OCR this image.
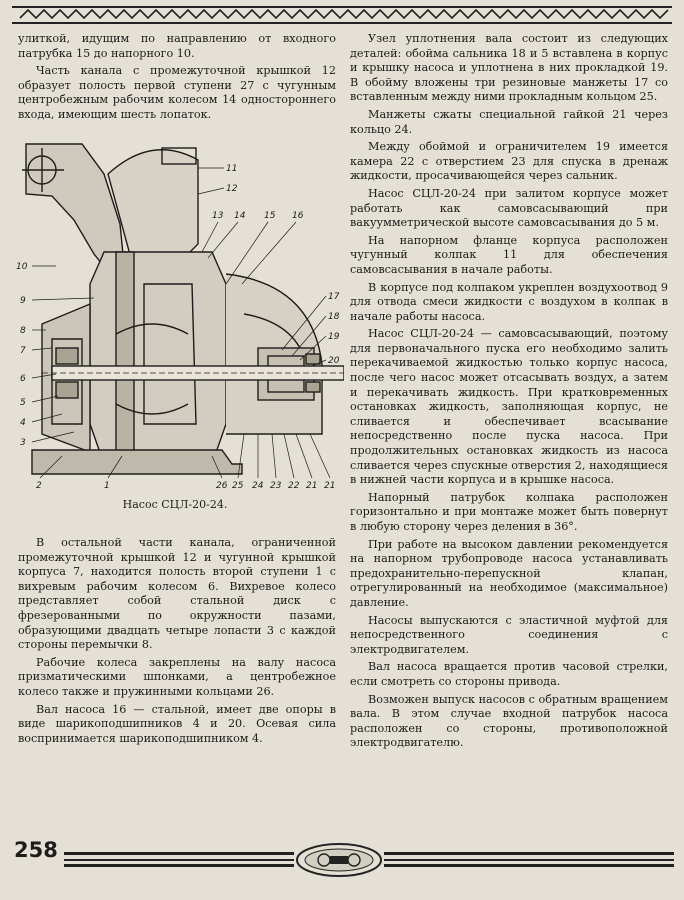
улиткой, идущим по направлению от входного патрубка 15 до напорного 10.

Часть канала с промежуточной крышкой 12 образует полость первой ступени 27 с чугунным центробежным рабочим колесом 14 одностороннего входа, имеющим шесть лопаток.

11
12
13 14 15 16
17
18
19
20
10
9
8
7
6
5
4
3
2	1	26 25 24 23 22 21 21
Насос СЦЛ-20-24.

В остальной части канала, ограниченной промежуточной крышкой 12 и чугунной крышкой корпуса 7, находится полость второй ступени 1 с вихревым рабочим колесом 6. Вихревое колесо представляет собой стальной диск с фрезерованными по окружности пазами, образующими двадцать четыре лопасти 3 с каждой стороны перемычки 8.

Рабочие колеса закреплены на валу насоса призматическими шпонками, а центробежное колесо также и пружинными кольцами 26.

Вал насоса 16 — стальной, имеет две опоры в виде шарикоподшипников 4 и 20. Осевая сила воспринимается шарикоподшипником 4.

Узел уплотнения вала состоит из следующих деталей: обойма сальника 18 и 5 вставлена в корпус и крышку насоса и уплотнена в них прокладкой 19. В обойму вложены три резиновые манжеты 17 со вставленным между ними прокладным кольцом 25.

Манжеты сжаты специальной гайкой 21 через кольцо 24.

Между обоймой и ограничителем 19 имеется камера 22 с отверстием 23 для спуска в дренаж жидкости, просачивающейся через сальник.

Насос СЦЛ-20-24 при залитом корпусе может работать как самовсасывающий при вакуумметрической высоте самовсасывания до 5 м.

На напорном фланце корпуса расположен чугунный колпак 11 для обеспечения самовсасывания в начале работы.

В корпусе под колпаком укреплен воздухоотвод 9 для отвода смеси жидкости с воздухом в колпак в начале работы насоса.

Насос СЦЛ-20-24 — самовсасывающий, поэтому для первоначального пуска его необходимо залить перекачиваемой жидкостью только корпус насоса, после чего насос может отсасывать воздух, а затем и перекачивать жидкость. При кратковременных остановках жидкость, заполняющая корпус, не сливается и обеспечивает всасывание непосредственно после пуска насоса. При продолжительных остановках жидкость из насоса сливается через спускные отверстия 2, находящиеся в нижней части корпуса и в крышке насоса.

Напорный патрубок колпака расположен горизонтально и при монтаже может быть повернут в любую сторону через деления в 36°.

При работе на высоком давлении рекомендуется на напорном трубопроводе насоса устанавливать предохранительно-перепускной клапан, отрегулированный на необходимое (максимальное) давление.

Насосы выпускаются с эластичной муфтой для непосредственного соединения с электродвигателем.

Вал насоса вращается против часовой стрелки, если смотреть со стороны привода.

Возможен выпуск насосов с обратным вращением вала. В этом случае входной патрубок насоса расположен со стороны, противоположной электродвигателю.

258
